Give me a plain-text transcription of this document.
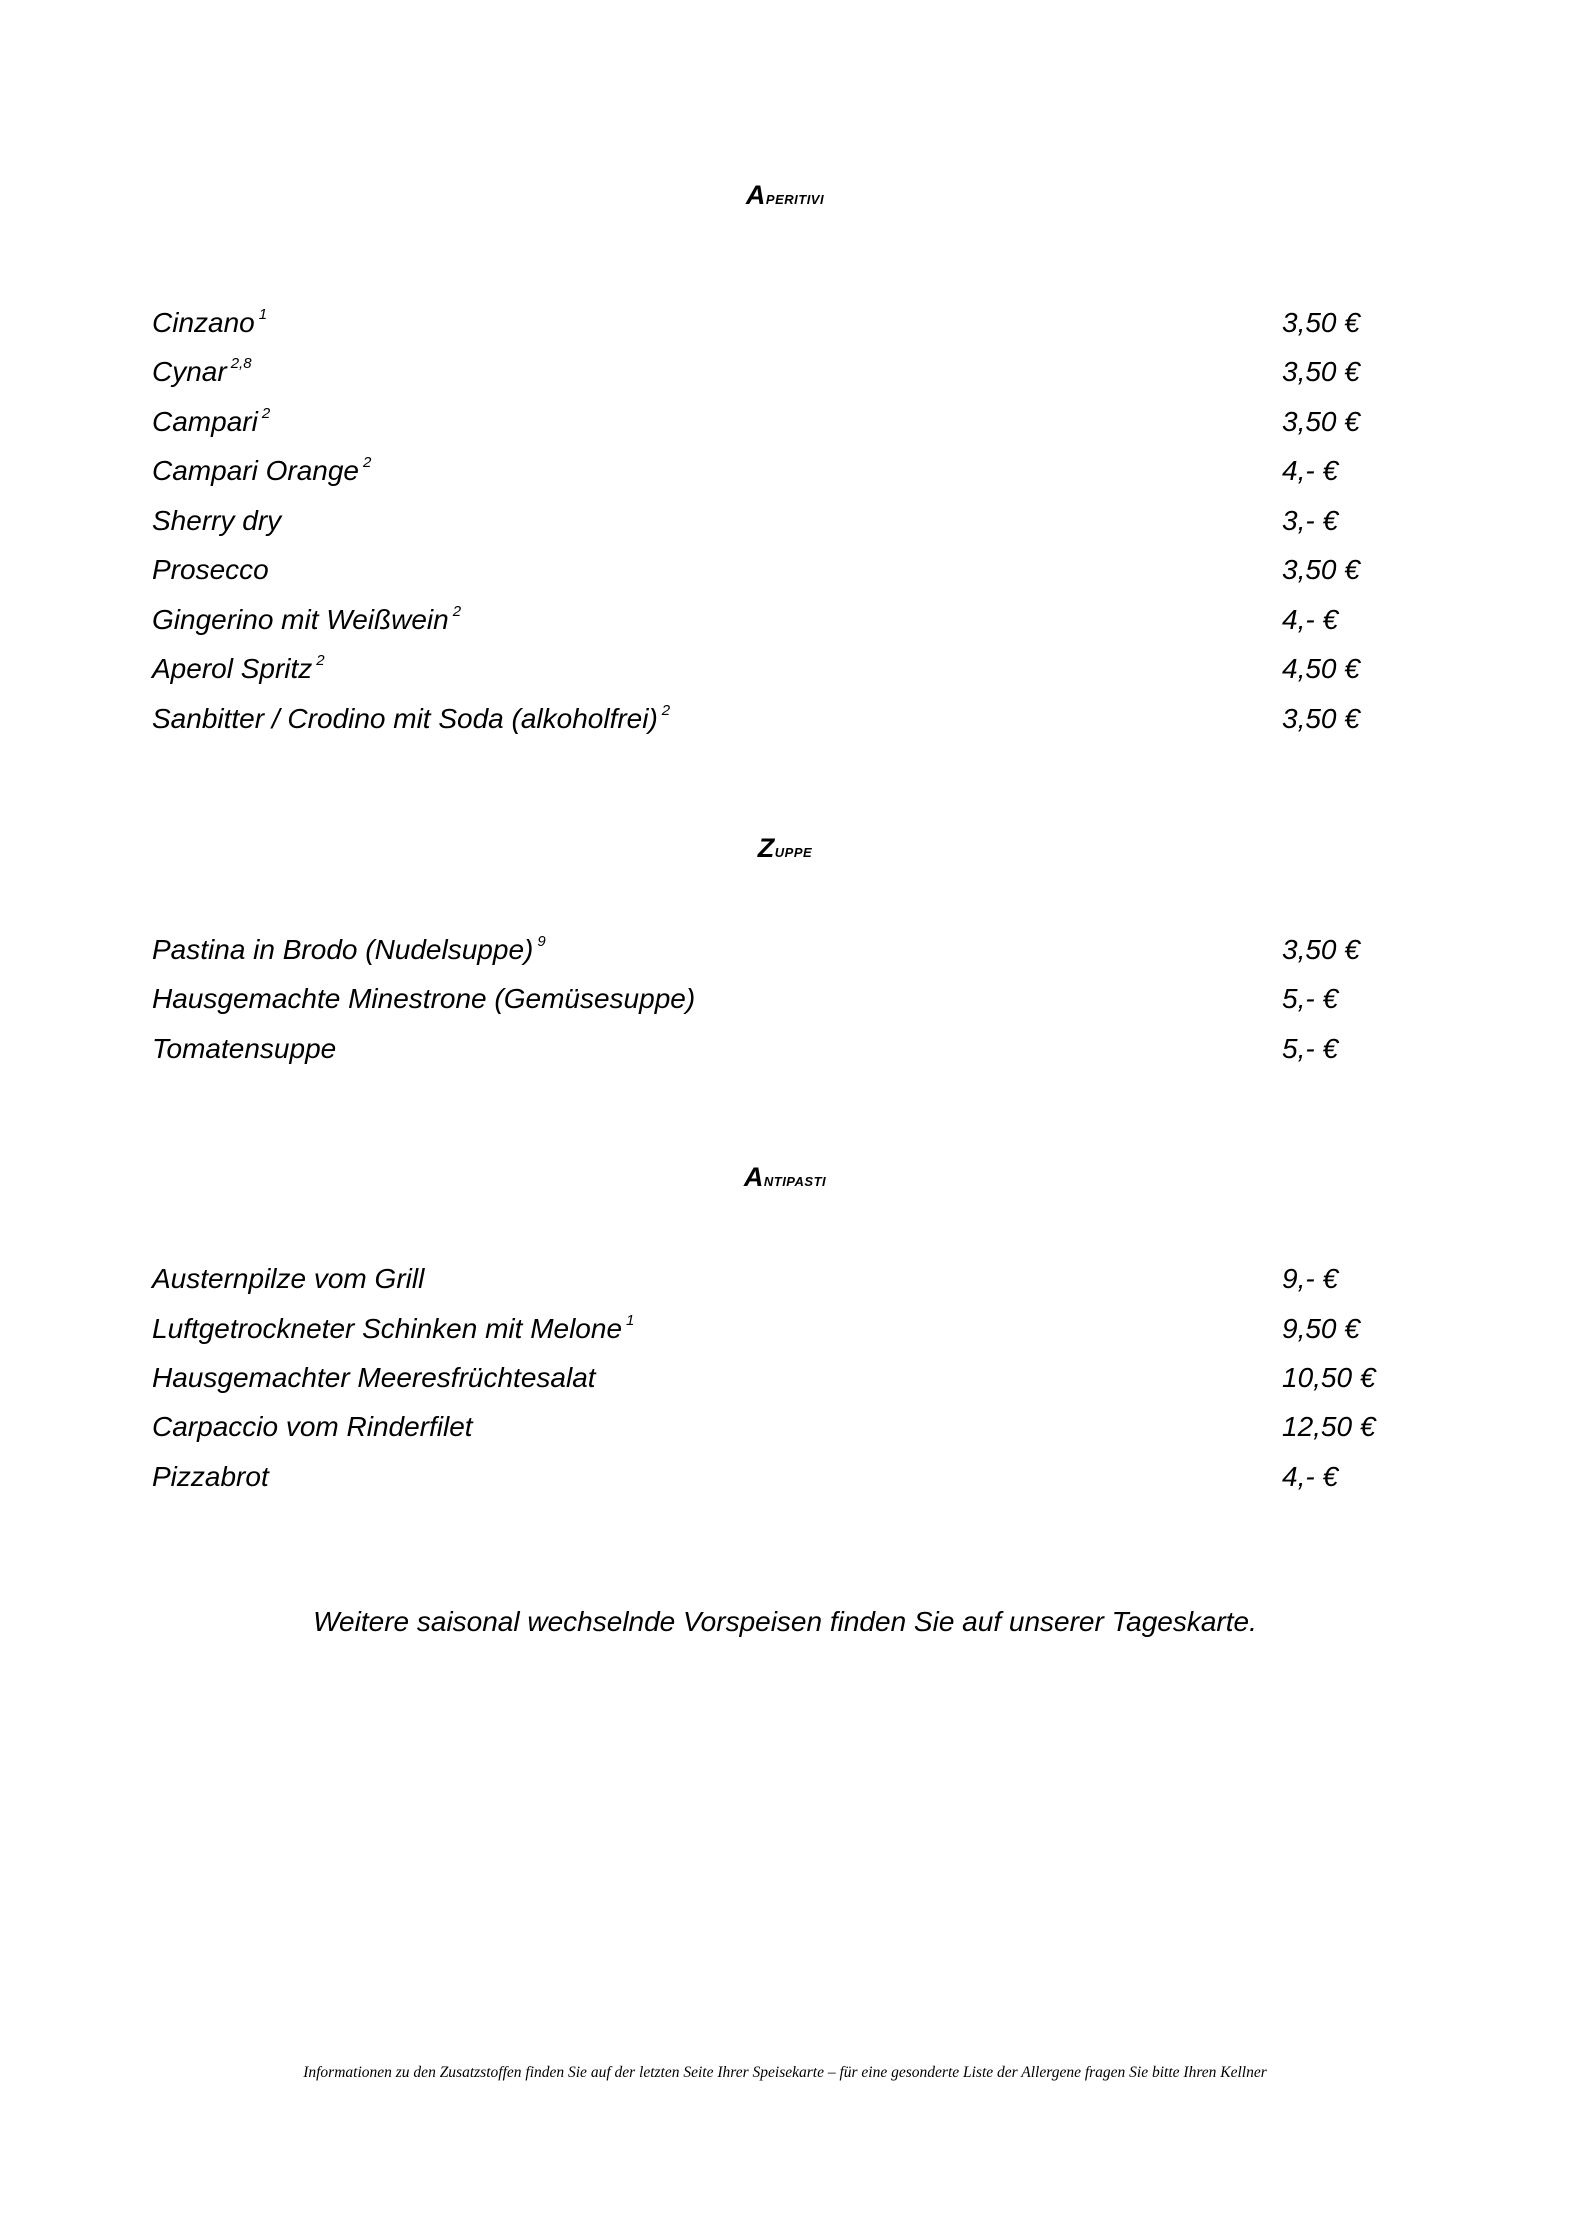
Aperitivi
Cinzano $^1$	3,50 €
Cynar $^{2,8}$	3,50 €
Campari $^2$	3,50 €
Campari Orange $^2$	4,- €
Sherry dry	3,- €
Prosecco	3,50 €
Gingerino mit Weißwein $^2$	4,- €
Aperol Spritz $^2$	4,50 €
Sanbitter / Crodino mit Soda (alkoholfrei) $^2$	3,50 €
Zuppe
Pastina in Brodo (Nudelsuppe) $^9$	3,50 €
Hausgemachte Minestrone (Gemüsesuppe)	5,- €
Tomatensuppe	5,- €
Antipasti
Austernpilze vom Grill	9,- €
Luftgetrockneter Schinken mit Melone $^1$	9,50 €
Hausgemachter Meeresfrüchtesalat	10,50 €
Carpaccio vom Rinderfilet	12,50 €
Pizzabrot	4,- €
Weitere saisonal wechselnde Vorspeisen finden Sie auf unserer Tageskarte.
Informationen zu den Zusatzstoffen finden Sie auf der letzten Seite Ihrer Speisekarte – für eine gesonderte Liste der Allergene fragen Sie bitte Ihren Kellner
